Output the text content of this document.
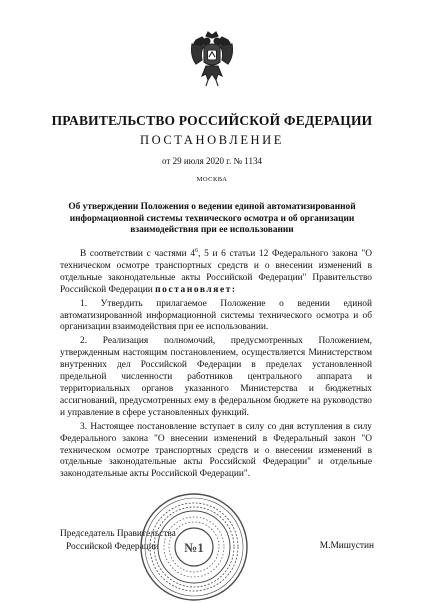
ПРАВИТЕЛЬСТВО РОССИЙСКОЙ ФЕДЕРАЦИИ
ПОСТАНОВЛЕНИЕ
от 29 июля 2020 г. № 1134
МОСКВА
Об утверждении Положения о ведении единой автоматизированной информационной системы технического осмотра и об организации взаимодействия при ее использовании

В соответствии с частями $4^6$, 5 и 6 статьи 12 Федерального закона "О техническом осмотре транспортных средств и о внесении изменений в отдельные законодательные акты Российской Федерации" Правительство Российской Федерации постановляет:

1. Утвердить прилагаемое Положение о ведении единой автоматизированной информационной системы технического осмотра и об организации взаимодействия при ее использовании.

2. Реализация полномочий, предусмотренных Положением, утвержденным настоящим постановлением, осуществляется Министерством внутренних дел Российской Федерации в пределах установленной предельной численности работников центрального аппарата и территориальных органов указанного Министерства и бюджетных ассигнований, предусмотренных ему в федеральном бюджете на руководство и управление в сфере установленных функций.

3. Настоящее постановление вступает в силу со дня вступления в силу Федерального закона "О внесении изменений в Федеральный закон "О техническом осмотре транспортных средств и о внесении изменений в отдельные законодательные акты Российской Федерации" и отдельные законодательные акты Российской Федерации".

Председатель Правительства
Российской Федерации	М.Мишустин
№1
